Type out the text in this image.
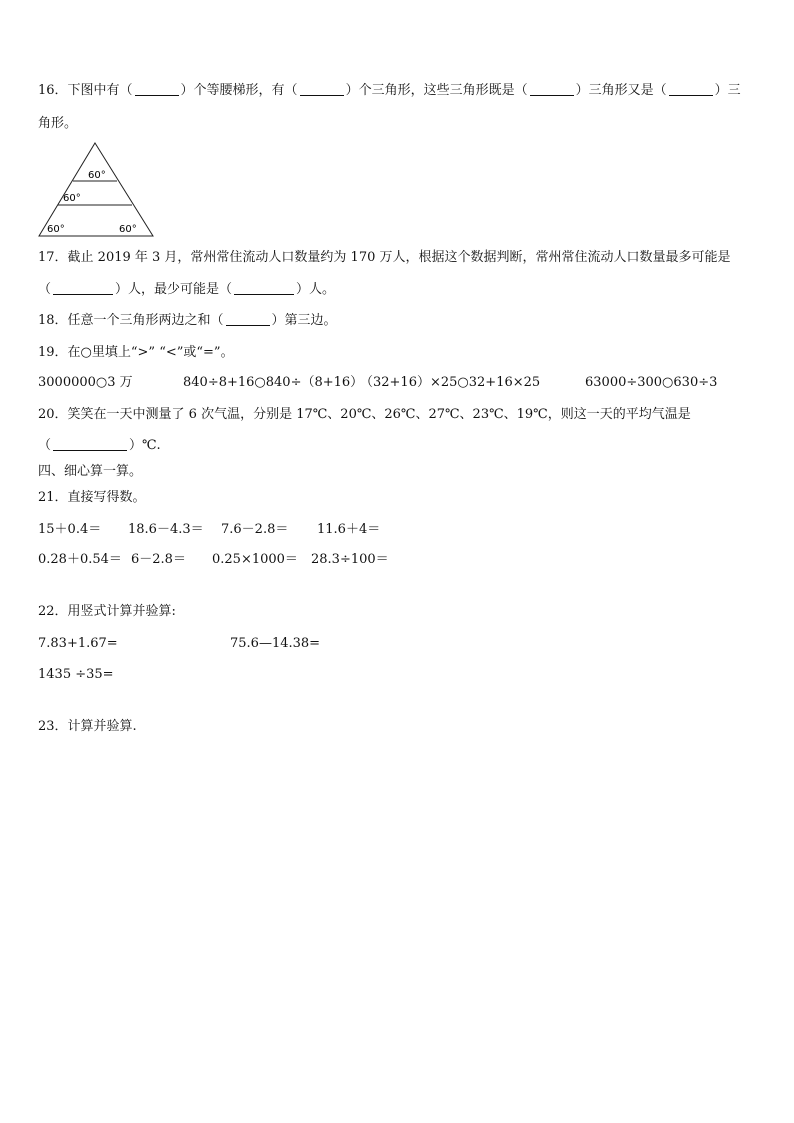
16．下图中有（	）个等腰梯形，有（	）个三角形，这些三角形既是（	）三角形又是（	）三
角形。
60°
60°
60°	60°
17．截止 2019 年 3 月，常州常住流动人口数量约为 170 万人，根据这个数据判断，常州常住流动人口数量最多可能是
（	）人，最少可能是（	）人。
18．任意一个三角形两边之和（	）第三边。
19．在○里填上“>” “<”或“=”。
3000000○3 万	840÷8+16○840÷（8+16）
（32+16）×25○32+16×25	63000÷300○630÷3
20．笑笑在一天中测量了 6 次气温，分别是 17℃、20℃、26℃、27℃、23℃、19℃，则这一天的平均气温是
（	）℃.
四、细心算一算。
21．直接写得数。
15＋0.4＝ 18.6－4.3＝ 7.6－2.8＝ 11.6＋4＝
0.28＋0.54＝ 6－2.8＝ 0.25×1000＝ 28.3÷100＝
22．用竖式计算并验算:
7.83+1.67=	75.6—14.38=
1435 ÷35=
23．计算并验算.
